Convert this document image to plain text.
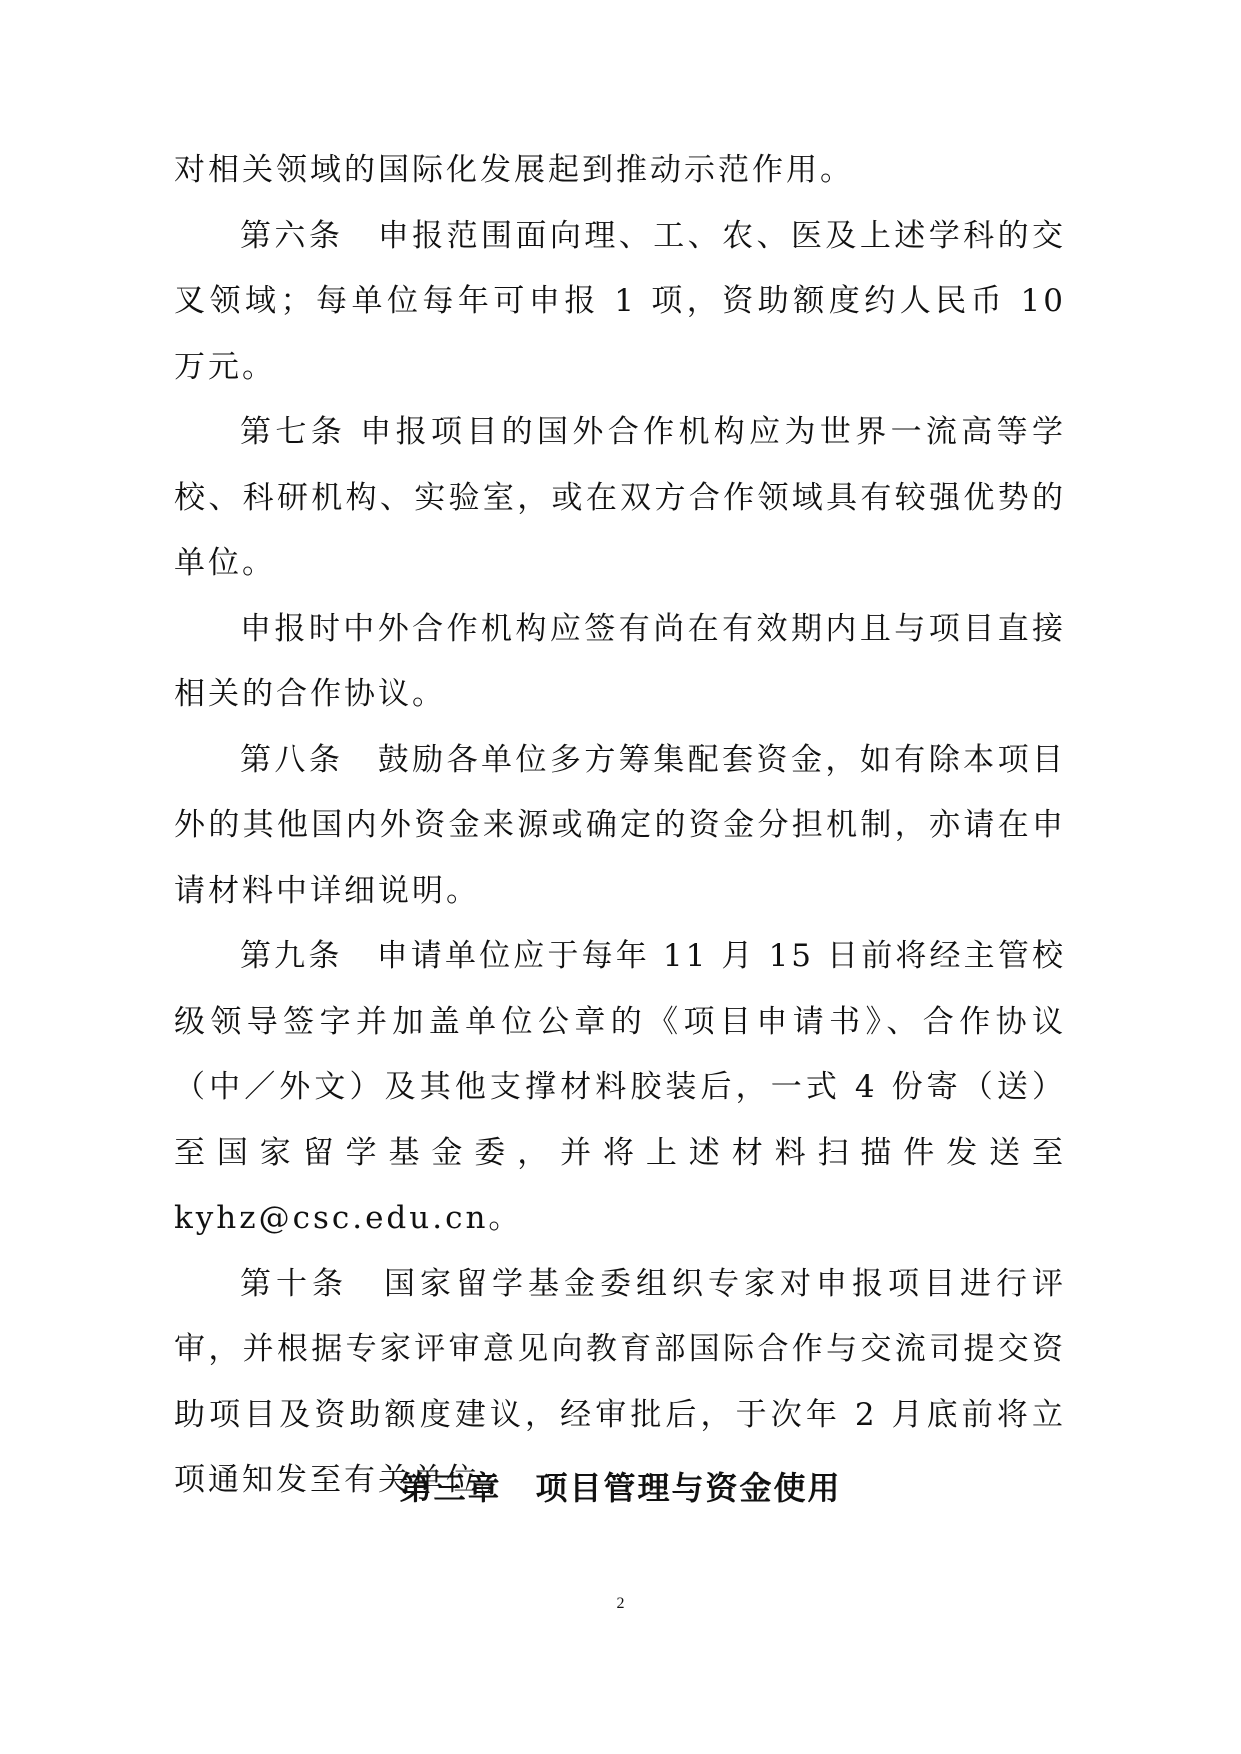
对相关领域的国际化发展起到推动示范作用。

第六条　申报范围面向理、工、农、医及上述学科的交叉领域；每单位每年可申报 1 项，资助额度约人民币 10 万元。

第七条 申报项目的国外合作机构应为世界一流高等学校、科研机构、实验室，或在双方合作领域具有较强优势的单位。

申报时中外合作机构应签有尚在有效期内且与项目直接相关的合作协议。

第八条　鼓励各单位多方筹集配套资金，如有除本项目外的其他国内外资金来源或确定的资金分担机制，亦请在申请材料中详细说明。

第九条　申请单位应于每年 11 月 15 日前将经主管校级领导签字并加盖单位公章的《项目申请书》、合作协议（中／外文）及其他支撑材料胶装后，一式 4 份寄（送）至国家留学基金委，并将上述材料扫描件发送至 kyhz@csc.edu.cn。

第十条　国家留学基金委组织专家对申报项目进行评审，并根据专家评审意见向教育部国际合作与交流司提交资助项目及资助额度建议，经审批后，于次年 2 月底前将立项通知发至有关单位。

第三章　项目管理与资金使用
2
